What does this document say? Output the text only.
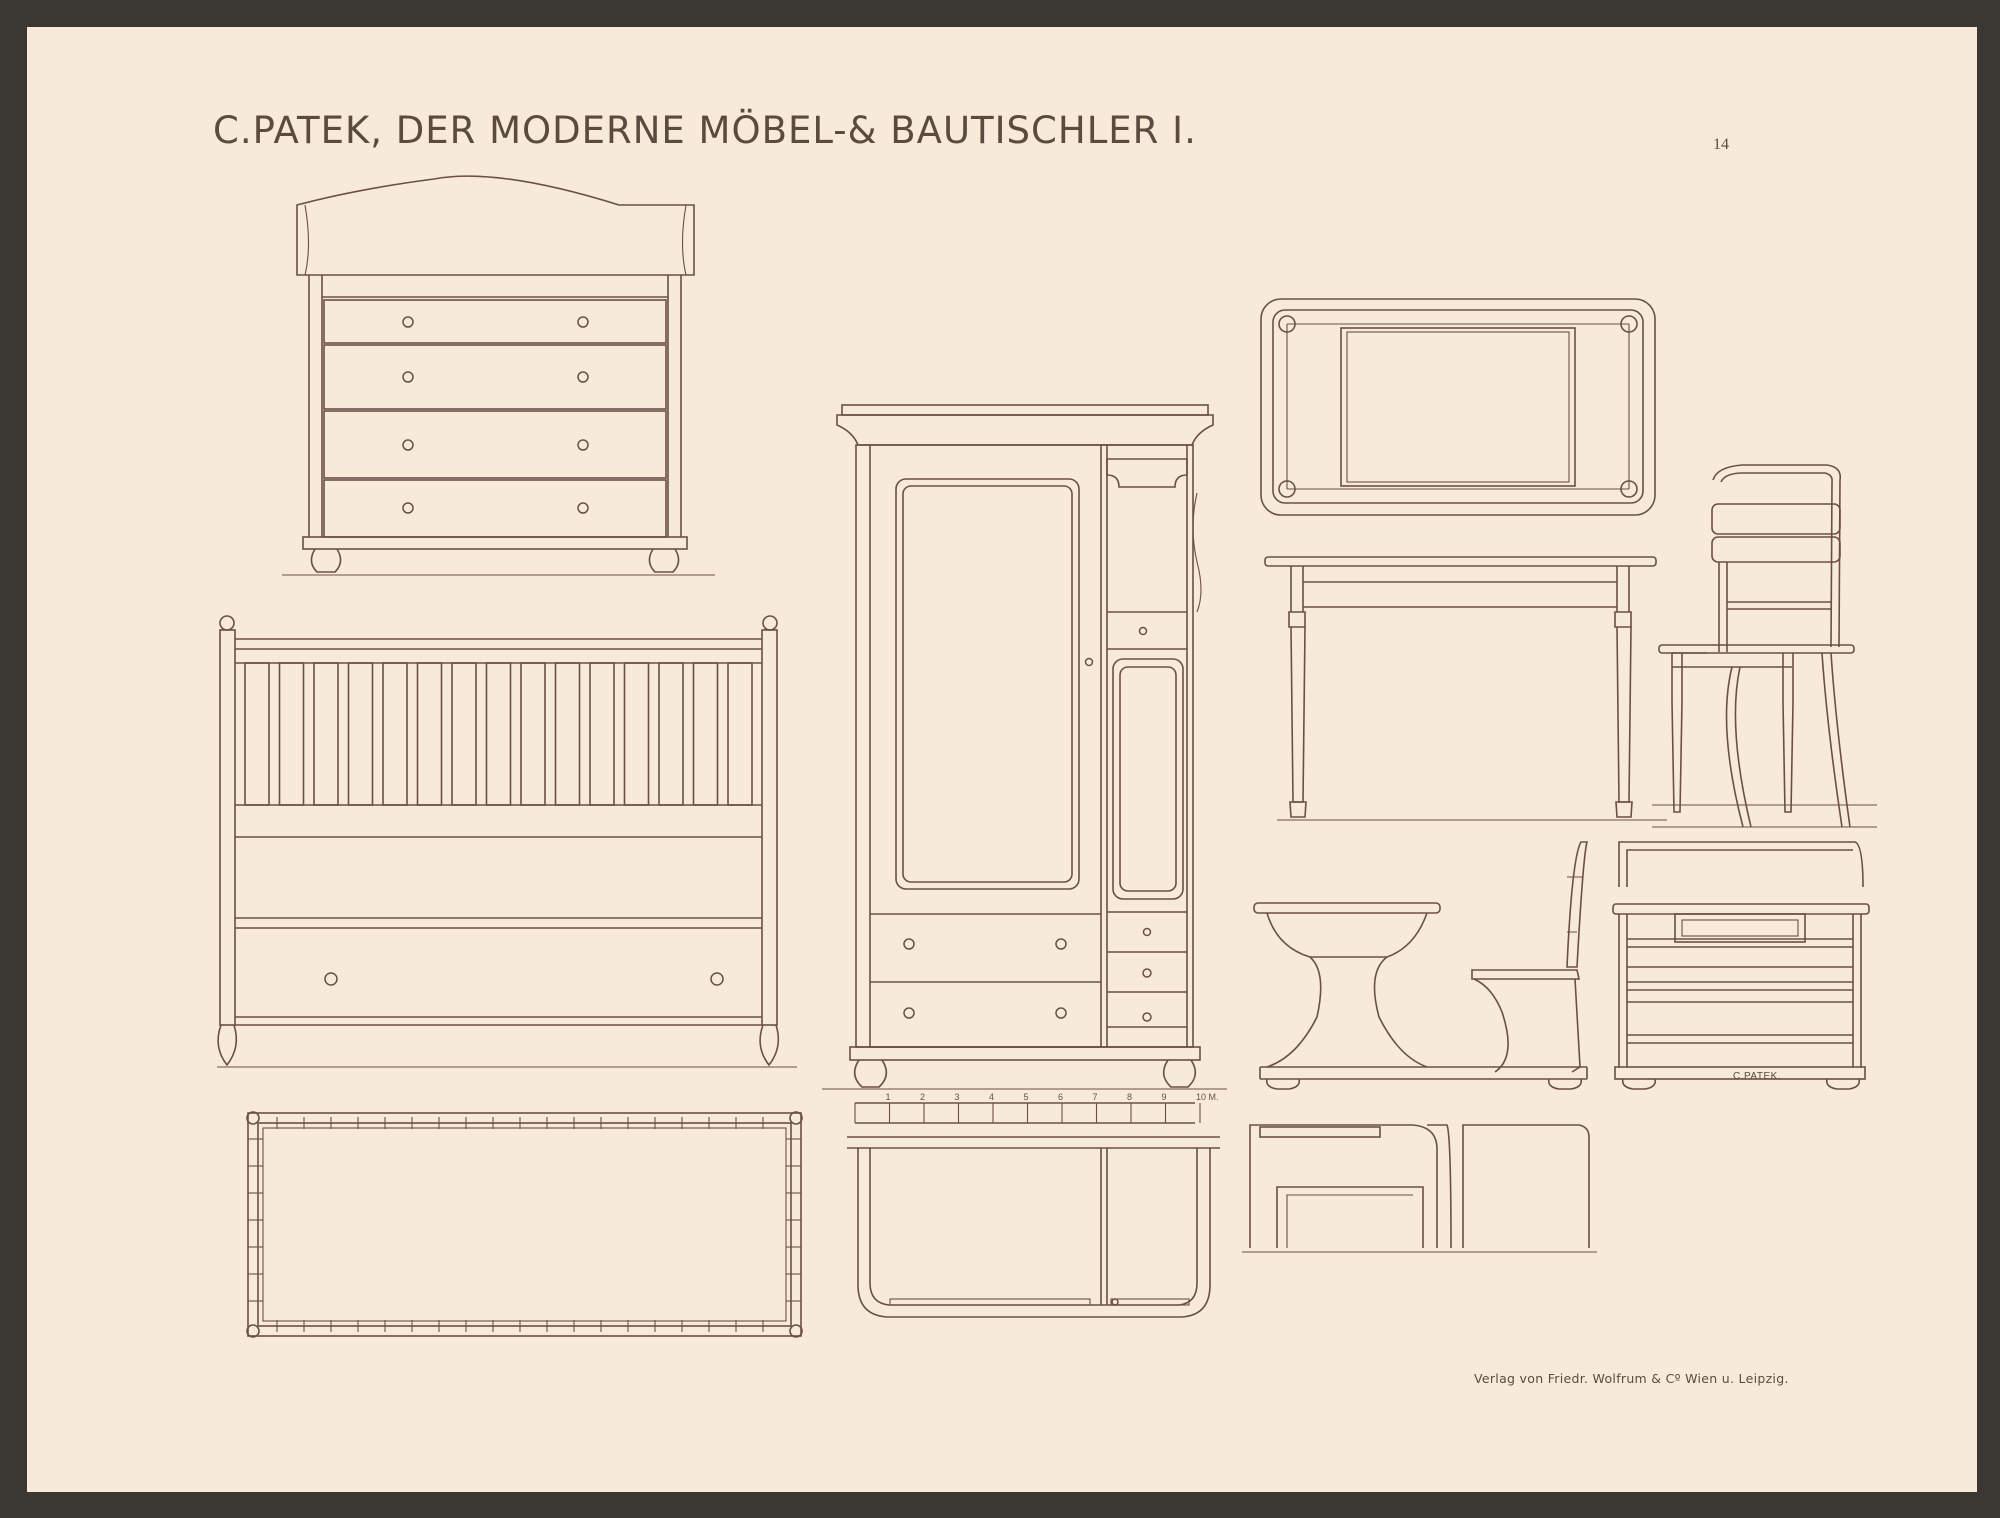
C.PATEK, DER MODERNE MÖBEL-& BAUTISCHLER I.	14
1	2	3	4	5	6	7	8	9	10 M.
C.PATEK.
Verlag von Friedr. Wolfrum & Cº Wien u. Leipzig.
